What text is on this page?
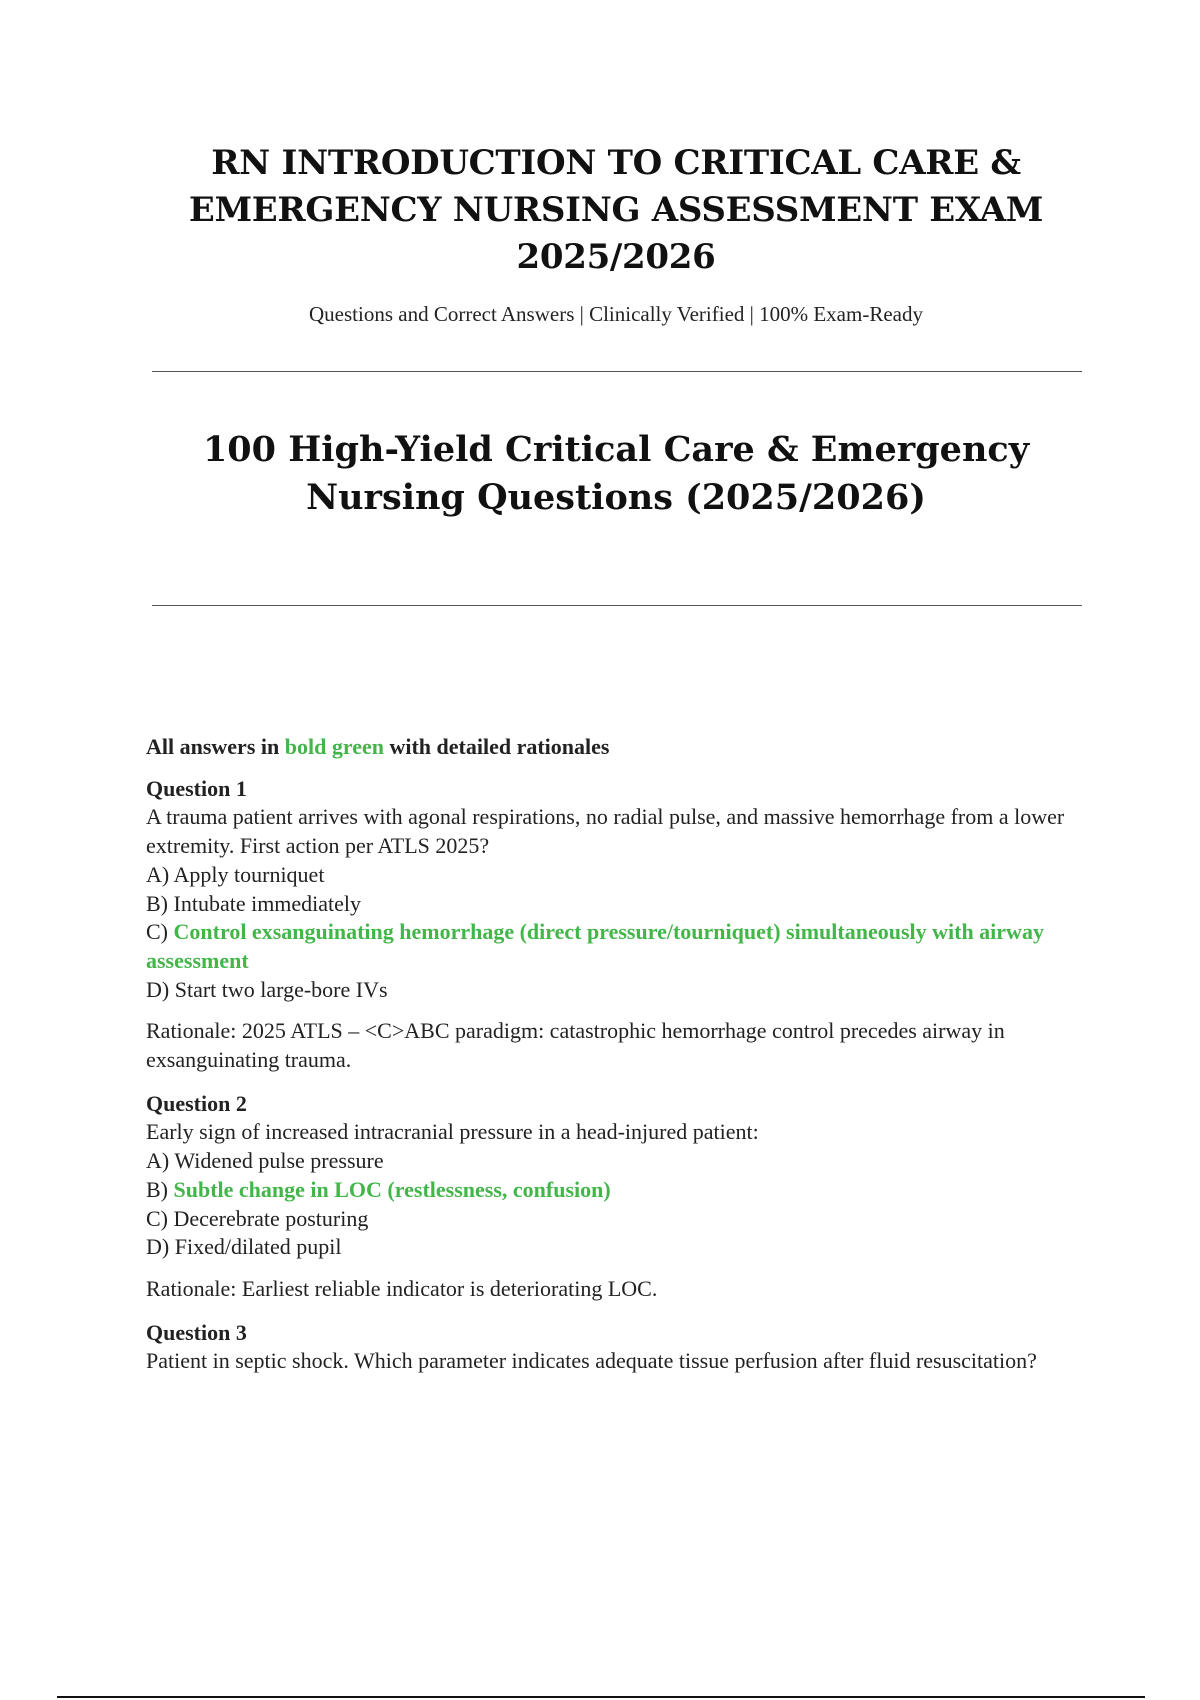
RN INTRODUCTION TO CRITICAL CARE & EMERGENCY NURSING ASSESSMENT EXAM 2025/2026
Questions and Correct Answers | Clinically Verified | 100% Exam-Ready
100 High-Yield Critical Care & Emergency Nursing Questions (2025/2026)
All answers in bold green with detailed rationales
Question 1
A trauma patient arrives with agonal respirations, no radial pulse, and massive hemorrhage from a lower extremity. First action per ATLS 2025?
A) Apply tourniquet
B) Intubate immediately
C) Control exsanguinating hemorrhage (direct pressure/tourniquet) simultaneously with airway assessment
D) Start two large-bore IVs
Rationale: 2025 ATLS – <C>ABC paradigm: catastrophic hemorrhage control precedes airway in exsanguinating trauma.
Question 2
Early sign of increased intracranial pressure in a head-injured patient:
A) Widened pulse pressure
B) Subtle change in LOC (restlessness, confusion)
C) Decerebrate posturing
D) Fixed/dilated pupil
Rationale: Earliest reliable indicator is deteriorating LOC.
Question 3
Patient in septic shock. Which parameter indicates adequate tissue perfusion after fluid resuscitation?
